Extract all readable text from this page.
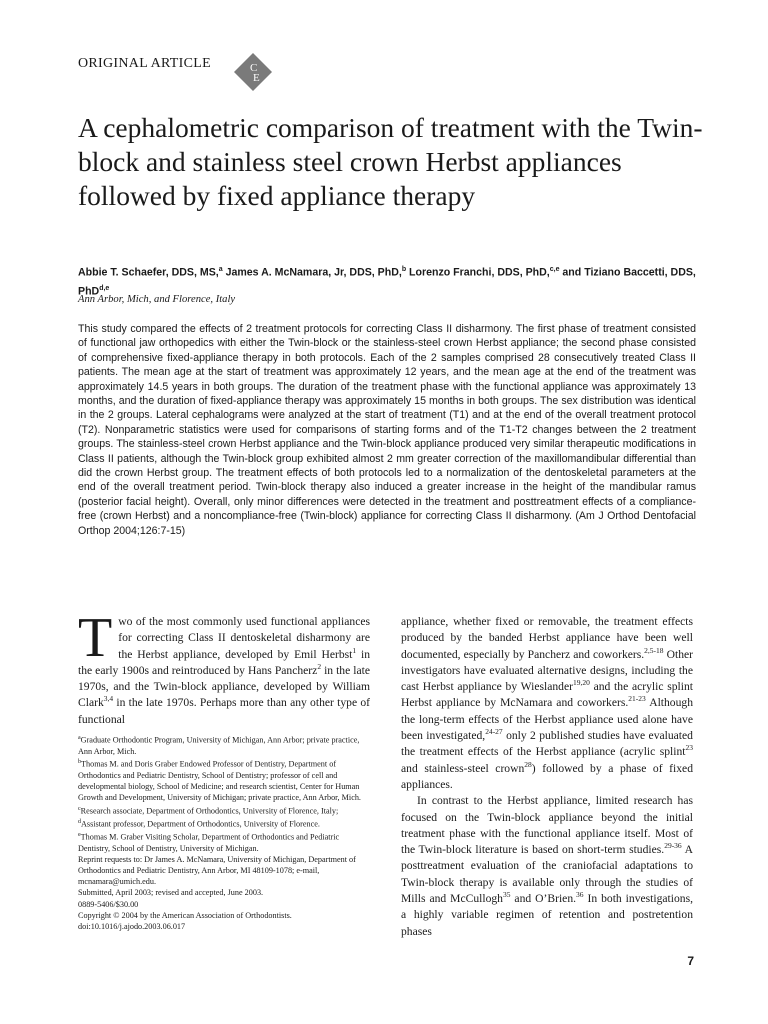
ORIGINAL ARTICLE	C
E
A cephalometric comparison of treatment with the Twin-block and stainless steel crown Herbst appliances followed by fixed appliance therapy
Abbie T. Schaefer, DDS, MS,$^a$ James A. McNamara, Jr, DDS, PhD,$^b$ Lorenzo Franchi, DDS, PhD,$^{c,e}$ and Tiziano Baccetti, DDS, PhD$^{d,e}$
Ann Arbor, Mich, and Florence, Italy

This study compared the effects of 2 treatment protocols for correcting Class II disharmony. The first phase of treatment consisted of functional jaw orthopedics with either the Twin-block or the stainless-steel crown Herbst appliance; the second phase consisted of comprehensive fixed-appliance therapy in both protocols. Each of the 2 samples comprised 28 consecutively treated Class II patients. The mean age at the start of treatment was approximately 12 years, and the mean age at the end of the treatment was approximately 14.5 years in both groups. The duration of the treatment phase with the functional appliance was approximately 13 months, and the duration of fixed-appliance therapy was approximately 15 months in both groups. The sex distribution was identical in the 2 groups. Lateral cephalograms were analyzed at the start of treatment (T1) and at the end of the overall treatment protocol (T2). Nonparametric statistics were used for comparisons of starting forms and of the T1-T2 changes between the 2 treatment groups. The stainless-steel crown Herbst appliance and the Twin-block appliance produced very similar therapeutic modifications in Class II patients, although the Twin-block group exhibited almost 2 mm greater correction of the maxillomandibular differential than did the crown Herbst group. The treatment effects of both protocols led to a normalization of the dentoskeletal parameters at the end of the overall treatment period. Twin-block therapy also induced a greater increase in the height of the mandibular ramus (posterior facial height). Overall, only minor differences were detected in the treatment and posttreatment effects of a compliance-free (crown Herbst) and a noncompliance-free (Twin-block) appliance for correcting Class II disharmony. (Am J Orthod Dentofacial Orthop 2004;126:7-15)

Two of the most commonly used functional appliances for correcting Class II dentoskeletal disharmony are the Herbst appliance, developed by Emil Herbst$^1$ in the early 1900s and reintroduced by Hans Pancherz$^2$ in the late 1970s, and the Twin-block appliance, developed by William Clark$^{3,4}$ in the late 1970s. Perhaps more than any other type of functional

$^a$Graduate Orthodontic Program, University of Michigan, Ann Arbor; private practice, Ann Arbor, Mich.
$^b$Thomas M. and Doris Graber Endowed Professor of Dentistry, Department of Orthodontics and Pediatric Dentistry, School of Dentistry; professor of cell and developmental biology, School of Medicine; and research scientist, Center for Human Growth and Development, University of Michigan; private practice, Ann Arbor, Mich.
$^c$Research associate, Department of Orthodontics, University of Florence, Italy;
$^d$Assistant professor, Department of Orthodontics, University of Florence.
$^e$Thomas M. Graber Visiting Scholar, Department of Orthodontics and Pediatric Dentistry, School of Dentistry, University of Michigan.
Reprint requests to: Dr James A. McNamara, University of Michigan, Department of Orthodontics and Pediatric Dentistry, Ann Arbor, MI 48109-1078; e-mail, mcnamara@umich.edu.
Submitted, April 2003; revised and accepted, June 2003.
0889-5406/$30.00
Copyright © 2004 by the American Association of Orthodontists.
doi:10.1016/j.ajodo.2003.06.017

appliance, whether fixed or removable, the treatment effects produced by the banded Herbst appliance have been well documented, especially by Pancherz and coworkers.$^{2,5-18}$ Other investigators have evaluated alternative designs, including the cast Herbst appliance by Wieslander$^{19,20}$ and the acrylic splint Herbst appliance by McNamara and coworkers.$^{21-23}$ Although the long-term effects of the Herbst appliance used alone have been investigated,$^{24-27}$ only 2 published studies have evaluated the treatment effects of the Herbst appliance (acrylic splint$^{23}$ and stainless-steel crown$^{28}$) followed by a phase of fixed appliances.

In contrast to the Herbst appliance, limited research has focused on the Twin-block appliance beyond the initial treatment phase with the functional appliance itself. Most of the Twin-block literature is based on short-term studies.$^{29-36}$ A posttreatment evaluation of the craniofacial adaptations to Twin-block therapy is available only through the studies of Mills and McCullogh$^{35}$ and O’Brien.$^{36}$ In both investigations, a highly variable regimen of retention and postretention phases

7
